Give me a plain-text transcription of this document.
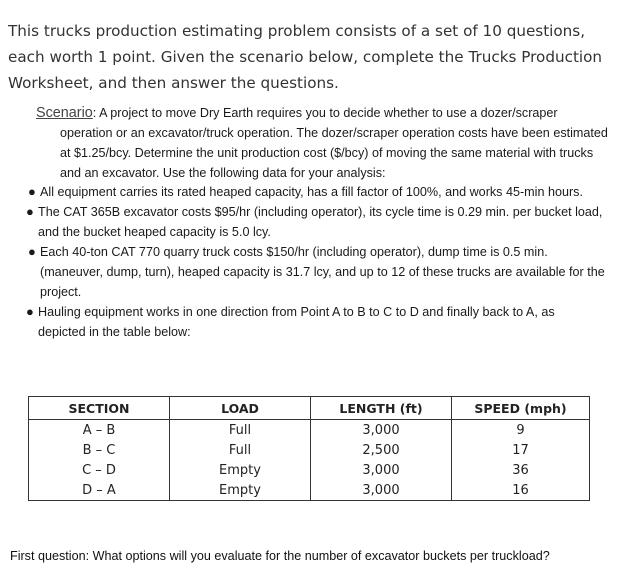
This trucks production estimating problem consists of a set of 10 questions, each worth 1 point. Given the scenario below, complete the Trucks Production Worksheet, and then answer the questions.
Scenario: A project to move Dry Earth requires you to decide whether to use a dozer/scraper operation or an excavator/truck operation. The dozer/scraper operation costs have been estimated at $1.25/bcy. Determine the unit production cost ($/bcy) of moving the same material with trucks and an excavator. Use the following data for your analysis:
● All equipment carries its rated heaped capacity, has a fill factor of 100%, and works 45-min hours.
● The CAT 365B excavator costs $95/hr (including operator), its cycle time is 0.29 min. per bucket load, and the bucket heaped capacity is 5.0 lcy.
● Each 40-ton CAT 770 quarry truck costs $150/hr (including operator), dump time is 0.5 min. (maneuver, dump, turn), heaped capacity is 31.7 lcy, and up to 12 of these trucks are available for the project.
● Hauling equipment works in one direction from Point A to B to C to D and finally back to A, as depicted in the table below:
SECTION	LOAD	LENGTH (ft)	SPEED (mph)
A – B	Full	3,000	9
B – C	Full	2,500	17
C – D	Empty	3,000	36
D – A	Empty	3,000	16
First question: What options will you evaluate for the number of excavator buckets per truckload?
